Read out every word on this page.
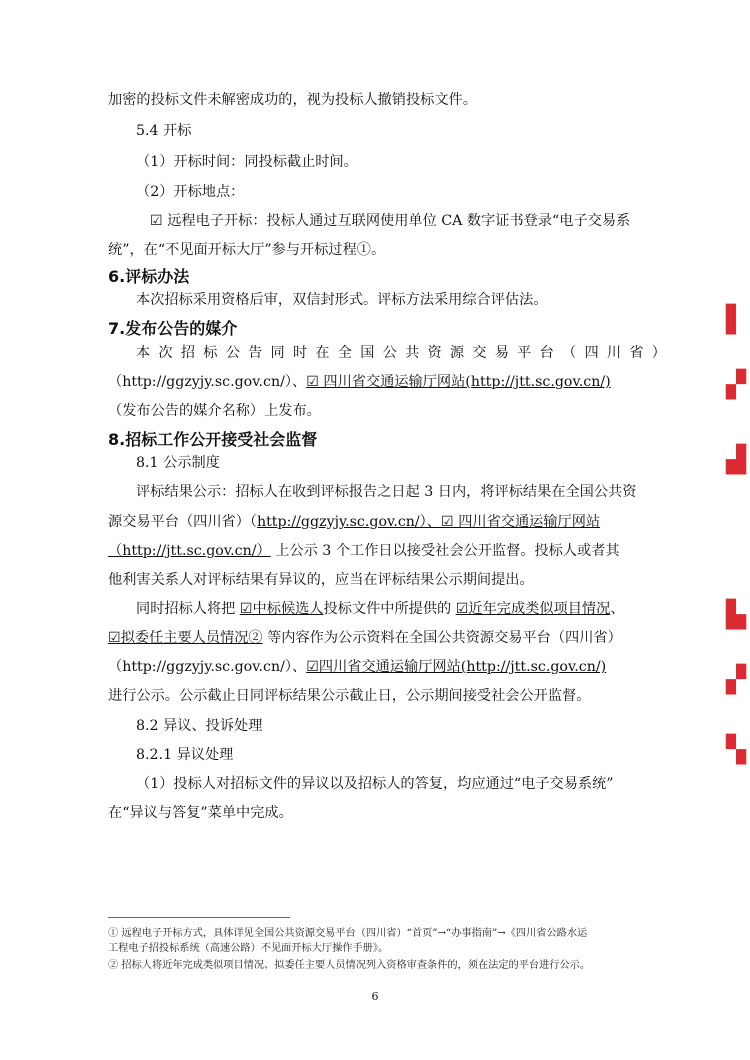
加密的投标文件未解密成功的，视为投标人撤销投标文件。
5.4 开标
（1）开标时间：同投标截止时间。
（2）开标地点：
☑ 远程电子开标：投标人通过互联网使用单位 CA 数字证书登录“电子交易系
统”，在“不见面开标大厅”参与开标过程①。
6.评标办法
本次招标采用资格后审，双信封形式。评标方法采用综合评估法。
7.发布公告的媒介
本 次 招 标 公 告 同 时 在 全 国 公 共 资 源 交 易 平 台 （ 四 川 省 ）
（http://ggzyjy.sc.gov.cn/）、☑ 四川省交通运输厅网站(http://jtt.sc.gov.cn/)
（发布公告的媒介名称）上发布。
8.招标工作公开接受社会监督
8.1 公示制度
评标结果公示：招标人在收到评标报告之日起 3 日内，将评标结果在全国公共资
源交易平台（四川省）（http://ggzyjy.sc.gov.cn/）、☑ 四川省交通运输厅网站
（http://jtt.sc.gov.cn/） 上公示 3 个工作日以接受社会公开监督。投标人或者其
他利害关系人对评标结果有异议的，应当在评标结果公示期间提出。
同时招标人将把 ☑中标候选人投标文件中所提供的 ☑近年完成类似项目情况、
☑拟委任主要人员情况② 等内容作为公示资料在全国公共资源交易平台（四川省）
（http://ggzyjy.sc.gov.cn/）、☑四川省交通运输厅网站(http://jtt.sc.gov.cn/)
进行公示。公示截止日同评标结果公示截止日，公示期间接受社会公开监督。
8.2 异议、投诉处理
8.2.1 异议处理
（1）投标人对招标文件的异议以及招标人的答复，均应通过“电子交易系统”
在“异议与答复”菜单中完成。
① 远程电子开标方式，具体详见全国公共资源交易平台（四川省）“首页”→“办事指南”→《四川省公路水运
工程电子招投标系统（高速公路）不见面开标大厅操作手册》。
② 招标人将近年完成类似项目情况、拟委任主要人员情况列入资格审查条件的，须在法定的平台进行公示。
6
▌
▞
▟
▙
▞
▚
